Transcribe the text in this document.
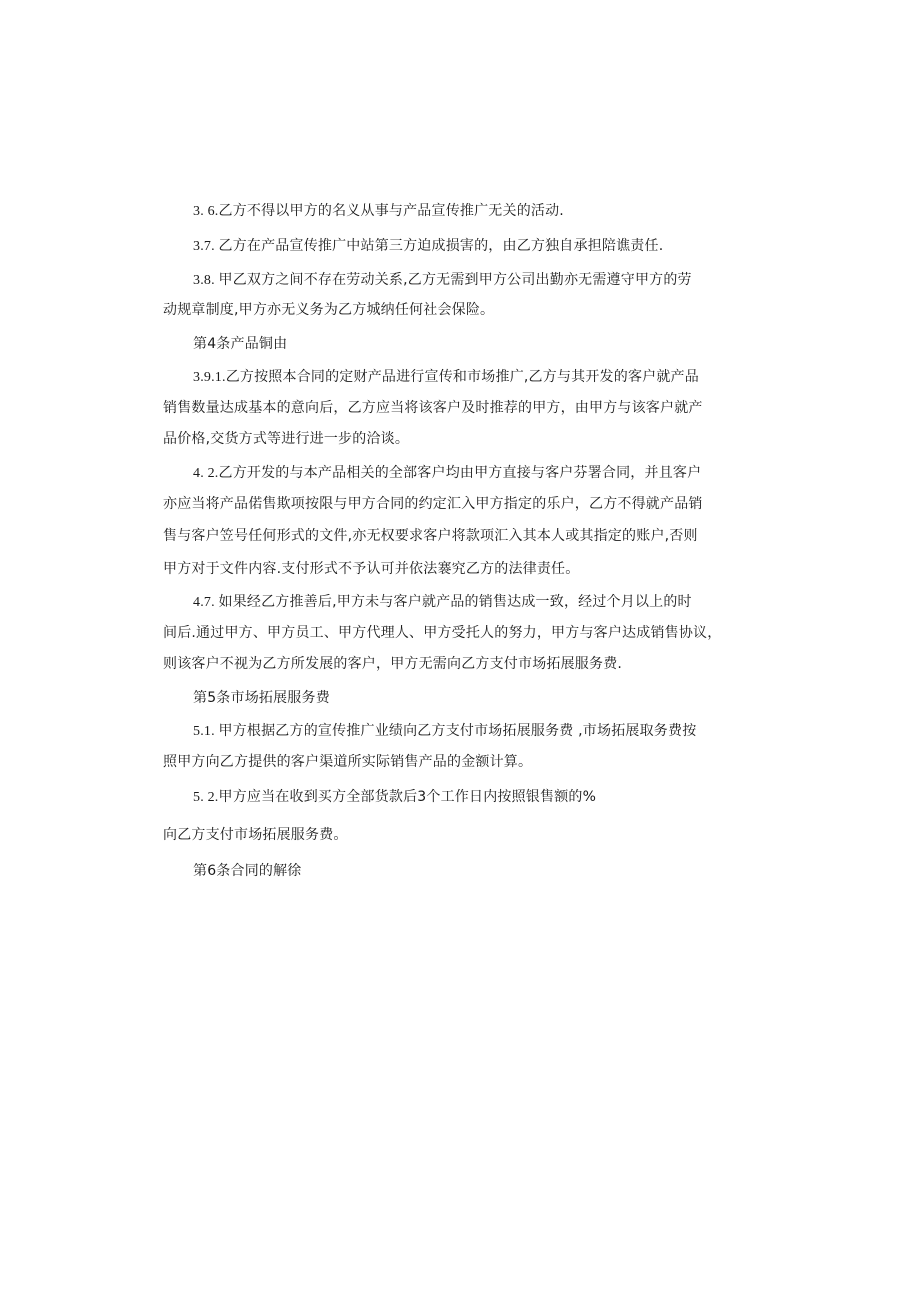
3. 6.乙方不得以甲方的名义从事与产品宣传推广无关的活动.
3.7. 乙方在产品宣传推广中站第三方迫成损害的，由乙方独自承担陪谯责任.
3.8. 甲乙双方之间不存在劳动关系,乙方无需到甲方公司出勤亦无需遵守甲方的劳
动规章制度,甲方亦无义务为乙方城纳任何社会保险。
第4条产品铜由
3.9.1.乙方按照本合同的定财产品进行宣传和市场推广,乙方与其开发的客户就产品
销售数量达成基本的意向后，乙方应当将该客户及时推荐的甲方，由甲方与该客户就产
品价格,交货方式等进行进一步的洽谈。
4. 2.乙方开发的与本产品相关的全部客户均由甲方直接与客户芬署合同，并且客户
亦应当将产品偌售欺项按限与甲方合同的约定汇入甲方指定的乐户，乙方不得就产品销
售与客户笠号任何形式的文件,亦无权要求客户将款项汇入其本人或其指定的账户,否则
甲方对于文件内容.支付形式不予认可并依法褰究乙方的法律责任。
4.7. 如果经乙方推善后,甲方未与客户就产品的销售达成一致，经过个月以上的时
间后.通过甲方、甲方员工、甲方代理人、甲方受托人的努力，甲方与客户达成销售协议，
则该客户不视为乙方所发展的客户，甲方无需向乙方支付市场拓展服务费.
第5条市场拓展服务费
5.1. 甲方根据乙方的宣传推广业绩向乙方支付市场拓展服务费 ,市场拓展取务费按
照甲方向乙方提供的客户渠道所实际销售产品的金额计算。
5. 2.甲方应当在收到买方全部货款后3个工作日内按照银售额的%
向乙方支付市场拓展服务费。
第6条合同的解徐
